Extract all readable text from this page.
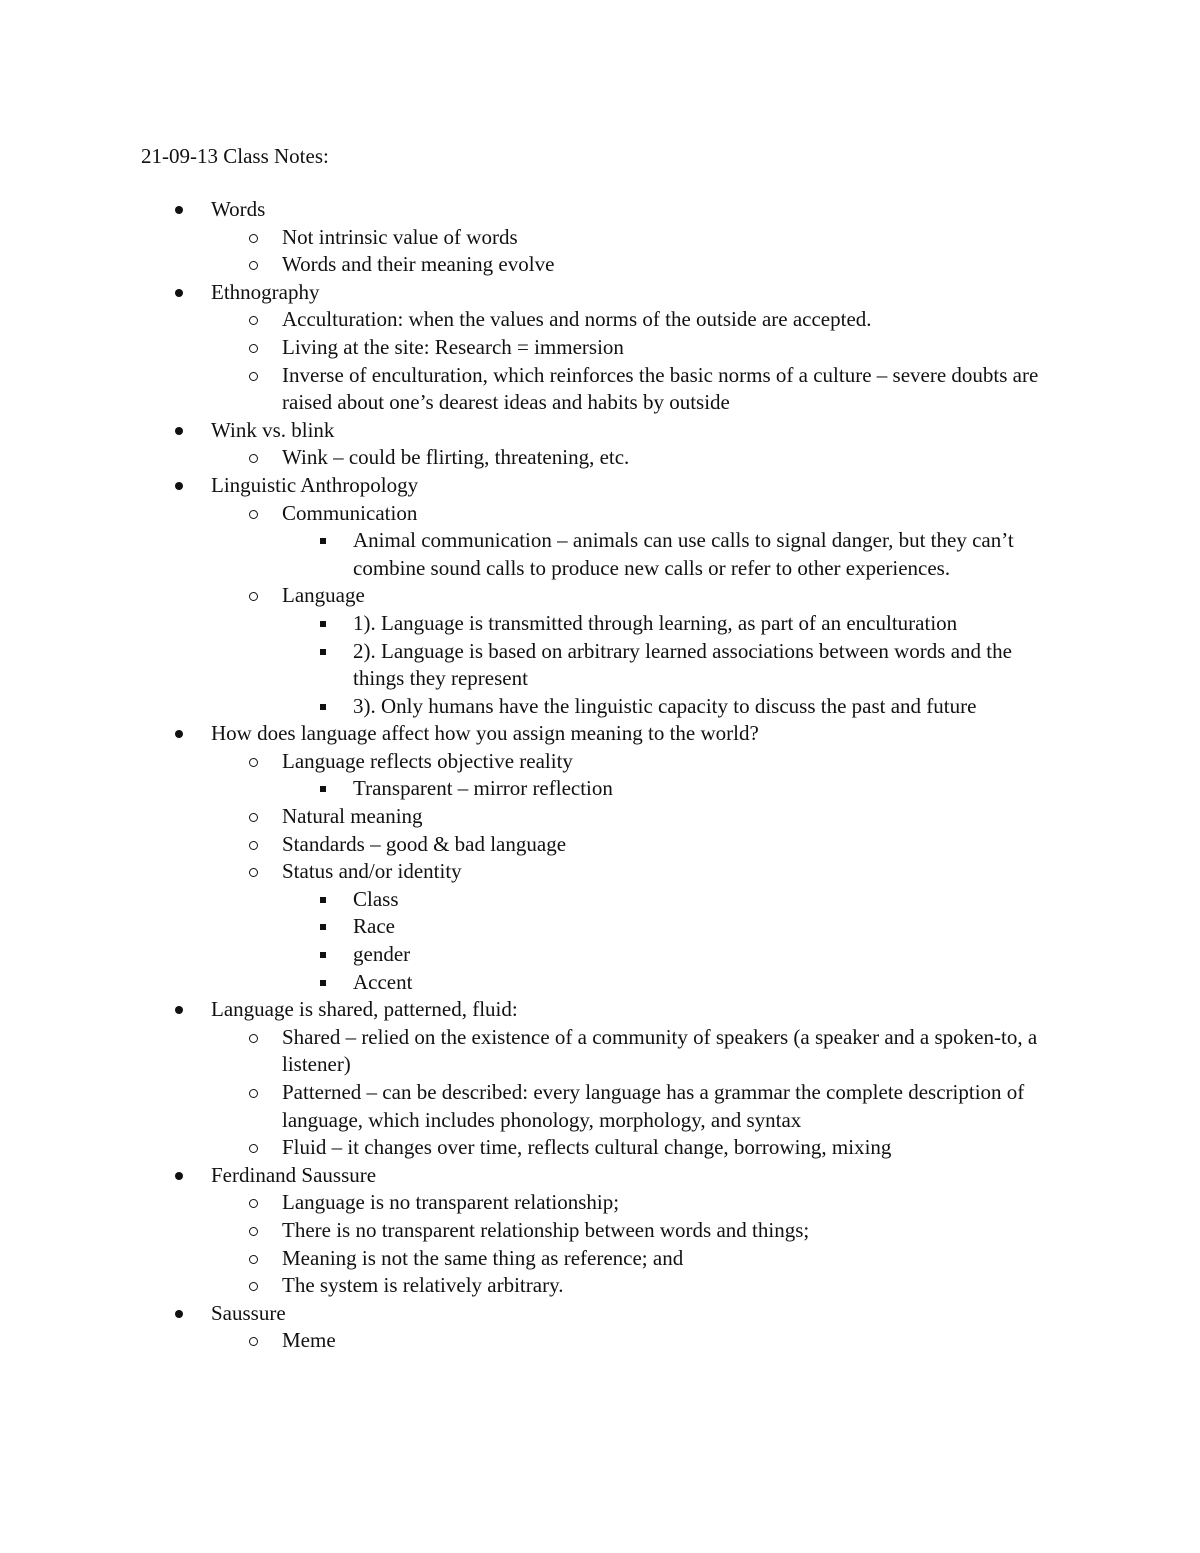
21-09-13 Class Notes:
Words
Not intrinsic value of words
Words and their meaning evolve
Ethnography
Acculturation: when the values and norms of the outside are accepted.
Living at the site: Research = immersion
Inverse of enculturation, which reinforces the basic norms of a culture – severe doubts are raised about one’s dearest ideas and habits by outside
Wink vs. blink
Wink – could be flirting, threatening, etc.
Linguistic Anthropology
Communication
Animal communication – animals can use calls to signal danger, but they can’t combine sound calls to produce new calls or refer to other experiences.
Language
1). Language is transmitted through learning, as part of an enculturation
2). Language is based on arbitrary learned associations between words and the things they represent
3). Only humans have the linguistic capacity to discuss the past and future
How does language affect how you assign meaning to the world?
Language reflects objective reality
Transparent – mirror reflection
Natural meaning
Standards – good & bad language
Status and/or identity
Class
Race
gender
Accent
Language is shared, patterned, fluid:
Shared – relied on the existence of a community of speakers (a speaker and a spoken-to, a listener)
Patterned – can be described: every language has a grammar the complete description of language, which includes phonology, morphology, and syntax
Fluid – it changes over time, reflects cultural change, borrowing, mixing
Ferdinand Saussure
Language is no transparent relationship;
There is no transparent relationship between words and things;
Meaning is not the same thing as reference; and
The system is relatively arbitrary.
Saussure
Meme
